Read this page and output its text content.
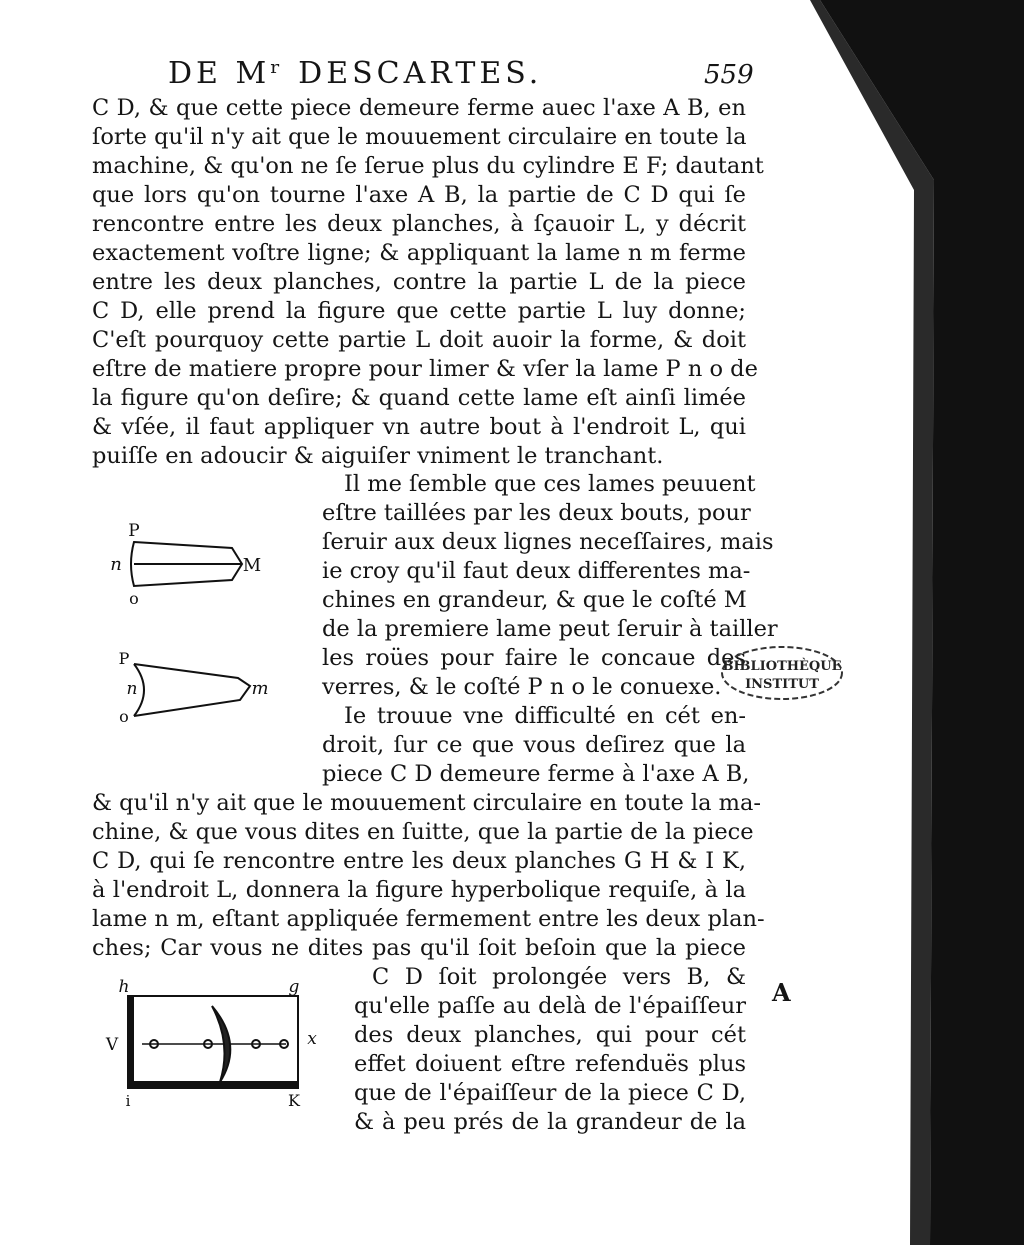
DE Mʳ DESCARTES.	559
C D, & que cette piece demeure ferme auec l'axe A B, en
ſorte qu'il n'y ait que le mouuement circulaire en toute la
machine, & qu'on ne ſe ſerue plus du cylindre E F; dautant
que lors qu'on tourne l'axe A B, la partie de C D qui ſe
rencontre entre les deux planches, à ſçauoir L, y décrit
exactement voſtre ligne; & appliquant la lame n m ferme
entre les deux planches, contre la partie L de la piece
C D, elle prend la figure que cette partie L luy donne;
C'eſt pourquoy cette partie L doit auoir la forme, & doit
eſtre de matiere propre pour limer & vſer la lame P n o de
la figure qu'on deſire; & quand cette lame eſt ainſi limée
& vſée, il faut appliquer vn autre bout à l'endroit L, qui
puiſſe en adoucir & aiguiſer vniment le tranchant.
Il me ſemble que ces lames peuuent
eſtre taillées par les deux bouts, pour
ſeruir aux deux lignes neceſſaires, mais
ie croy qu'il faut deux differentes ma-
chines en grandeur, & que le coſté M
de la premiere lame peut ſeruir à tailler
les roües pour faire le concaue des
verres, & le coſté P n o le conuexe.
Ie trouue vne difficulté en cét en-
droit, ſur ce que vous deſirez que la
piece C D demeure ferme à l'axe A B,
& qu'il n'y ait que le mouuement circulaire en toute la ma-
chine, & que vous dites en ſuitte, que la partie de la piece
C D, qui ſe rencontre entre les deux planches G H & I K,
à l'endroit L, donnera la figure hyperbolique requiſe, à la
lame n m, eſtant appliquée fermement entre les deux plan-
ches; Car vous ne dites pas qu'il ſoit beſoin que la piece
C D ſoit prolongée vers B, &
qu'elle paſſe au delà de l'épaiſſeur
des deux planches, qui pour cét
effet doiuent eſtre refenduës plus
que de l'épaiſſeur de la piece C D,
& à peu prés de la grandeur de la
A
BIBLIOTHÈQUE
INSTITUT
P
n	M
o
P
n	m
o
h	g
V	x
i	K
